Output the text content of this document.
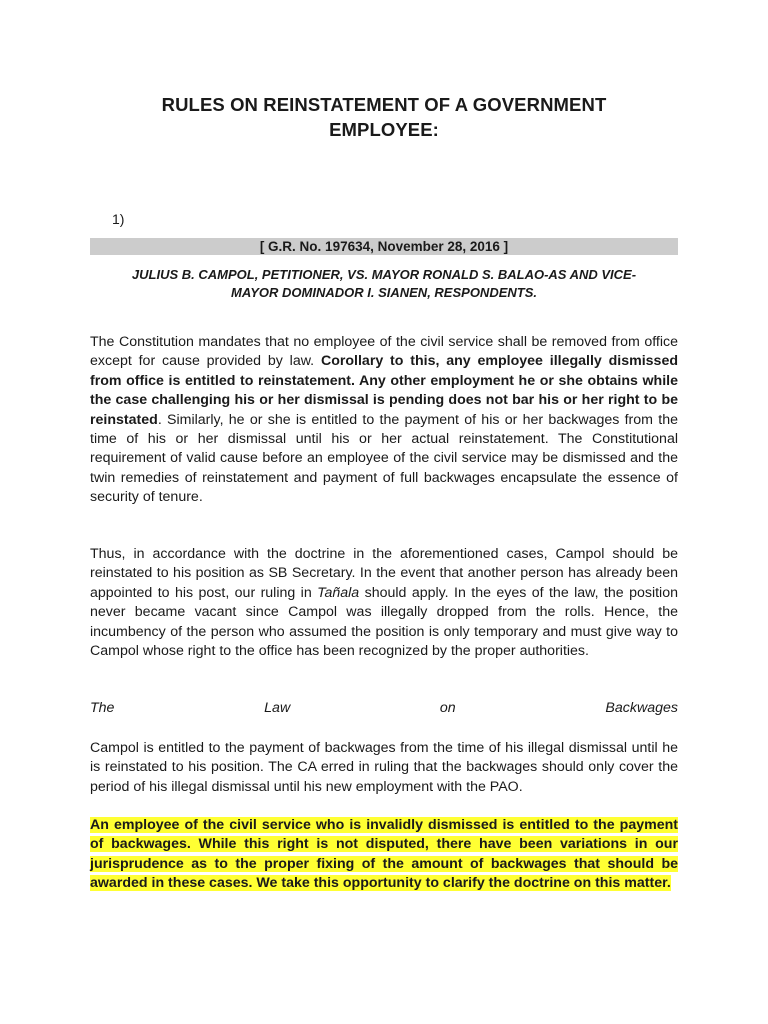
RULES ON REINSTATEMENT OF A GOVERNMENT
EMPLOYEE:
1)
[ G.R. No. 197634, November 28, 2016 ]
JULIUS B. CAMPOL, PETITIONER, VS. MAYOR RONALD S. BALAO-AS AND VICE-
MAYOR DOMINADOR I. SIANEN, RESPONDENTS.

The Constitution mandates that no employee of the civil service shall be removed from office except for cause provided by law. Corollary to this, any employee illegally dismissed from office is entitled to reinstatement. Any other employment he or she obtains while the case challenging his or her dismissal is pending does not bar his or her right to be reinstated. Similarly, he or she is entitled to the payment of his or her backwages from the time of his or her dismissal until his or her actual reinstatement. The Constitutional requirement of valid cause before an employee of the civil service may be dismissed and the twin remedies of reinstatement and payment of full backwages encapsulate the essence of security of tenure.

Thus, in accordance with the doctrine in the aforementioned cases, Campol should be reinstated to his position as SB Secretary. In the event that another person has already been appointed to his post, our ruling in Tañala should apply. In the eyes of the law, the position never became vacant since Campol was illegally dropped from the rolls. Hence, the incumbency of the person who assumed the position is only temporary and must give way to Campol whose right to the office has been recognized by the proper authorities.

The	Law	on	Backwages

Campol is entitled to the payment of backwages from the time of his illegal dismissal until he is reinstated to his position. The CA erred in ruling that the backwages should only cover the period of his illegal dismissal until his new employment with the PAO.

An employee of the civil service who is invalidly dismissed is entitled to the payment of backwages. While this right is not disputed, there have been variations in our jurisprudence as to the proper fixing of the amount of backwages that should be awarded in these cases. We take this opportunity to clarify the doctrine on this matter.
